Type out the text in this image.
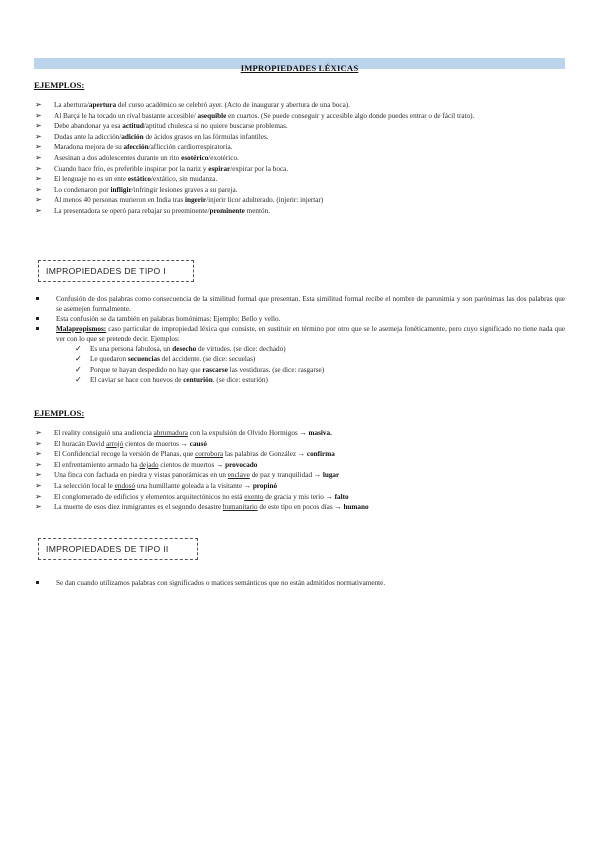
IMPROPIEDADES LÉXICAS
EJEMPLOS:
➢ La abertura/apertura del curso académico se celebró ayer. (Acto de inaugurar y abertura de una boca).
➢ Al Barça le ha tocado un rival bastante accesible/ asequible en cuartos. (Se puede conseguir y accesible algo donde puedes entrar o de fácil trato).
➢ Debe abandonar ya esa actitud/aptitud chulesca si no quiere buscarse problemas.
➢ Dudas ante la adicción/adición de ácidos grasos en las fórmulas infantiles.
➢ Maradona mejora de su afección/aflicción cardiorrespiratoria.
➢ Asesinan a dos adolescentes durante un rito esotérico/exotérico.
➢ Cuando hace frío, es preferible inspirar por la nariz y espirar/expirar por la boca.
➢ El lenguaje no es un ente estático/extático, sin mudanza.
➢ Lo condenaron por infligir/infringir lesiones graves a su pareja.
➢ Al menos 40 personas murieron en India tras ingerir/injerir licor adulterado. (injerir: injertar)
➢ La presentadora se operó para rebajar su preeminente/prominente mentón.
IMPROPIEDADES DE TIPO I
Confusión de dos palabras como consecuencia de la similitud formal que presentan. Esta similitud formal recibe el nombre de paronimia y son parónimas las dos palabras que se asemejen formalmente.
Esta confusión se da también en palabras homónimas: Ejemplo: Bello y vello.
Malapropismos: caso particular de impropiedad léxica que consiste, en sustituir en término por otro que se le asemeja fonéticamente, pero cuyo significado no tiene nada que ver con lo que se pretende decir. Ejemplos:
✓ Es una persona fabulosa, un desecho de virtudes. (se dice: dechado)
✓ Le quedaron secuencias del accidente. (se dice: secuelas)
✓ Porque te hayan despedido no hay que rascarse las vestiduras. (se dice: rasgarse)
✓ El caviar se hace con huevos de centurión. (se dice: esturión)
EJEMPLOS:
➢ El reality consiguió una audiencia abrumadora con la expulsión de Olvido Hormigos → masiva.
➢ El huracán David arrojó cientos de muertos → causó
➢ El Confidencial recoge la versión de Planas, que corrobora las palabras de González → confirma
➢ El enfrentamiento armado ha dejado cientos de muertos → provocado
➢ Una finca con fachada en piedra y vistas panorámicas en un enclave de paz y tranquilidad → lugar
➢ La selección local le endosó una humillante goleada a la visitante → propinó
➢ El conglomerado de edificios y elementos arquitectónicos no está exento de gracia y mis terio → falto
➢ La muerte de esos diez inmigrantes es el segundo desastre humanitario de este tipo en pocos días → humano
IMPROPIEDADES DE TIPO II
Se dan cuando utilizamos palabras con significados o matices semánticos que no están admitidos normativamente.
